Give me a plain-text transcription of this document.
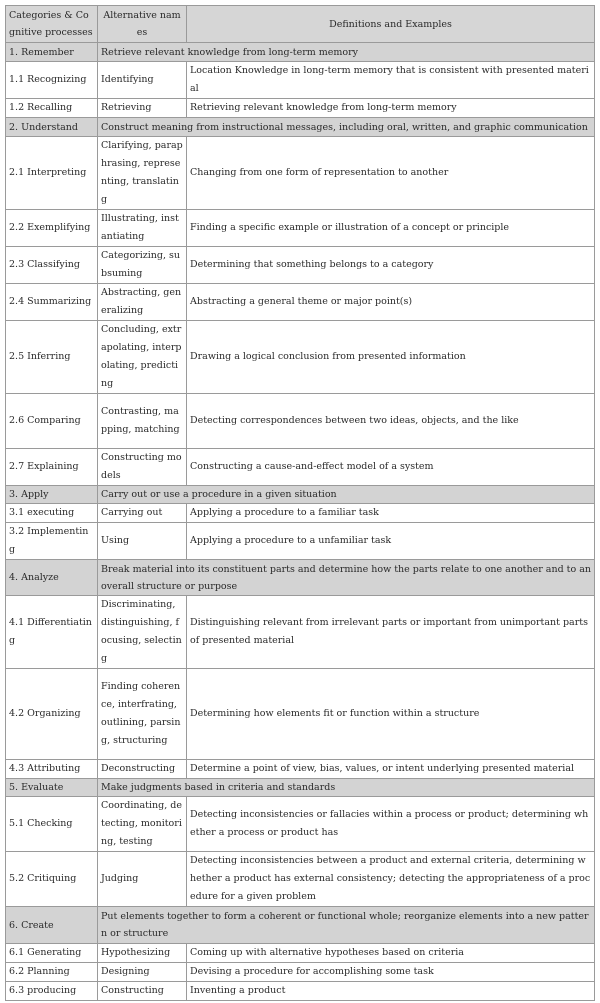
Categories & Cognitive processes	Alternative names	Definitions and Examples
1. Remember	Retrieve relevant knowledge from long-term memory	
1.1 Recognizing	Identifying	Location Knowledge in long-term memory that is consistent with presented material
1.2 Recalling	Retrieving	Retrieving relevant knowledge from long-term memory
2. Understand	Construct meaning from instructional messages, including oral, written, and graphic communication	
2.1 Interpreting	Clarifying, paraphrasing, representing, translating	Changing from one form of representation to another
2.2 Exemplifying	Illustrating, instantiating	Finding a specific example or illustration of a concept or principle
2.3 Classifying	Categorizing, subsuming	Determining that something belongs to a category
2.4 Summarizing	Abstracting, generalizing	Abstracting a general theme or major point(s)
2.5 Inferring	Concluding, extrapolating, interpolating, predicting	Drawing a logical conclusion from presented information
2.6 Comparing	Contrasting, mapping, matching	Detecting correspondences between two ideas, objects, and the like
2.7 Explaining	Constructing models	Constructing a cause-and-effect model of a system
3. Apply	Carry out or use a procedure in a given situation	
3.1 executing	Carrying out	Applying a procedure to a familiar task
3.2 Implementing	Using	Applying a procedure to a unfamiliar task
4. Analyze	Break material into its constituent parts and determine how the parts relate to one another and to an overall structure or purpose	
4.1 Differentiating	Discriminating, distinguishing, focusing, selecting	Distinguishing relevant from irrelevant parts or important from unimportant parts of presented material
4.2 Organizing	Finding coherence, interfrating, outlining, parsing, structuring	Determining how elements fit or function within a structure
4.3 Attributing	Deconstructing	Determine a point of view, bias, values, or intent underlying presented material
5. Evaluate	Make judgments based in criteria and standards	
5.1 Checking	Coordinating, detecting, monitoring, testing	Detecting inconsistencies or fallacies within a process or product; determining whether a process or product has
5.2 Critiquing	Judging	Detecting inconsistencies between a product and external criteria, determining whether a product has external consistency; detecting the appropriateness of a procedure for a given problem
6. Create	Put elements together to form a coherent or functional whole; reorganize elements into a new pattern or structure	
6.1 Generating	Hypothesizing	Coming up with alternative hypotheses based on criteria
6.2 Planning	Designing	Devising a procedure for accomplishing some task
6.3 producing	Constructing	Inventing a product
